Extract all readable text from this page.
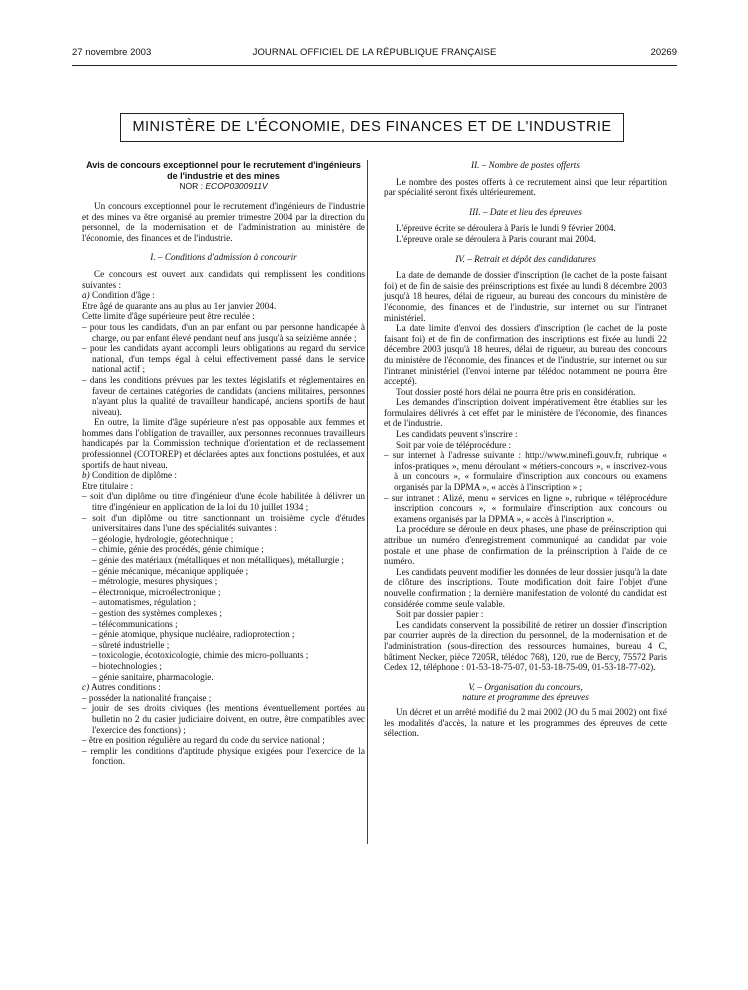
27 novembre 2003	JOURNAL OFFICIEL DE LA RÉPUBLIQUE FRANÇAISE	20269
MINISTÈRE DE L'ÉCONOMIE, DES FINANCES ET DE L'INDUSTRIE

Avis de concours exceptionnel pour le recrutement d'ingénieurs de l'industrie et des mines

NOR : ECOP0300911V

Un concours exceptionnel pour le recrutement d'ingénieurs de l'industrie et des mines va être organisé au premier trimestre 2004 par la direction du personnel, de la modernisation et de l'administration au ministère de l'économie, des finances et de l'industrie.

I. – Conditions d'admission à concourir

Ce concours est ouvert aux candidats qui remplissent les conditions suivantes :

a) Condition d'âge :

Etre âgé de quarante ans au plus au 1er janvier 2004.

Cette limite d'âge supérieure peut être reculée :

– pour tous les candidats, d'un an par enfant ou par personne handicapée à charge, ou par enfant élevé pendant neuf ans jusqu'à sa seizième année ;

– pour les candidats ayant accompli leurs obligations au regard du service national, d'un temps égal à celui effectivement passé dans le service national actif ;

– dans les conditions prévues par les textes législatifs et réglementaires en faveur de certaines catégories de candidats (anciens militaires, personnes n'ayant plus la qualité de travailleur handicapé, anciens sportifs de haut niveau).

En outre, la limite d'âge supérieure n'est pas opposable aux femmes et hommes dans l'obligation de travailler, aux personnes reconnues travailleurs handicapés par la Commission technique d'orientation et de reclassement professionnel (COTOREP) et déclarées aptes aux fonctions postulées, et aux sportifs de haut niveau.

b) Condition de diplôme :

Etre titulaire :

– soit d'un diplôme ou titre d'ingénieur d'une école habilitée à délivrer un titre d'ingénieur en application de la loi du 10 juillet 1934 ;

– soit d'un diplôme ou titre sanctionnant un troisième cycle d'études universitaires dans l'une des spécialités suivantes :

– géologie, hydrologie, géotechnique ;

– chimie, génie des procédés, génie chimique ;

– génie des matériaux (métalliques et non métalliques), métallurgie ;

– génie mécanique, mécanique appliquée ;

– métrologie, mesures physiques ;

– électronique, microélectronique ;

– automatismes, régulation ;

– gestion des systèmes complexes ;

– télécommunications ;

– génie atomique, physique nucléaire, radioprotection ;

– sûreté industrielle ;

– toxicologie, écotoxicologie, chimie des micro-polluants ;

– biotechnologies ;

– génie sanitaire, pharmacologie.

c) Autres conditions :

– posséder la nationalité française ;

– jouir de ses droits civiques (les mentions éventuellement portées au bulletin no 2 du casier judiciaire doivent, en outre, être compatibles avec l'exercice des fonctions) ;

– être en position régulière au regard du code du service national ;

– remplir les conditions d'aptitude physique exigées pour l'exercice de la fonction.

II. – Nombre de postes offerts

Le nombre des postes offerts à ce recrutement ainsi que leur répartition par spécialité seront fixés ultérieurement.

III. – Date et lieu des épreuves

L'épreuve écrite se déroulera à Paris le lundi 9 février 2004.

L'épreuve orale se déroulera à Paris courant mai 2004.

IV. – Retrait et dépôt des candidatures

La date de demande de dossier d'inscription (le cachet de la poste faisant foi) et de fin de saisie des préinscriptions est fixée au lundi 8 décembre 2003 jusqu'à 18 heures, délai de rigueur, au bureau des concours du ministère de l'économie, des finances et de l'industrie, sur internet ou sur l'intranet ministériel.

La date limite d'envoi des dossiers d'inscription (le cachet de la poste faisant foi) et de fin de confirmation des inscriptions est fixée au lundi 22 décembre 2003 jusqu'à 18 heures, délai de rigueur, au bureau des concours du ministère de l'économie, des finances et de l'industrie, sur internet ou sur l'intranet ministériel (l'envoi interne par télédoc notamment ne pourra être accepté).

Tout dossier posté hors délai ne pourra être pris en considération.

Les demandes d'inscription doivent impérativement être établies sur les formulaires délivrés à cet effet par le ministère de l'économie, des finances et de l'industrie.

Les candidats peuvent s'inscrire :

Soit par voie de téléprocédure :

– sur internet à l'adresse suivante : http://www.minefi.gouv.fr, rubrique « infos-pratiques », menu déroulant « métiers-concours », « inscrivez-vous à un concours », « formulaire d'inscription aux concours ou examens organisés par la DPMA », « accès à l'inscription » ;

– sur intranet : Alizé, menu « services en ligne », rubrique « téléprocédure inscription concours », « formulaire d'inscription aux concours ou examens organisés par la DPMA », « accès à l'inscription ».

La procédure se déroule en deux phases, une phase de préinscription qui attribue un numéro d'enregistrement communiqué au candidat par voie postale et une phase de confirmation de la préinscription à l'aide de ce numéro.

Les candidats peuvent modifier les données de leur dossier jusqu'à la date de clôture des inscriptions. Toute modification doit faire l'objet d'une nouvelle confirmation ; la dernière manifestation de volonté du candidat est considérée comme seule valable.

Soit par dossier papier :

Les candidats conservent la possibilité de retirer un dossier d'inscription par courrier auprès de la direction du personnel, de la modernisation et de l'administration (sous-direction des ressources humaines, bureau 4 C, bâtiment Necker, pièce 7205R, télédoc 768), 120, rue de Bercy, 75572 Paris Cedex 12, téléphone : 01-53-18-75-07, 01-53-18-75-09, 01-53-18-77-02).

V. – Organisation du concours,
nature et programme des épreuves

Un décret et un arrêté modifié du 2 mai 2002 (JO du 5 mai 2002) ont fixé les modalités d'accès, la nature et les programmes des épreuves de cette sélection.
